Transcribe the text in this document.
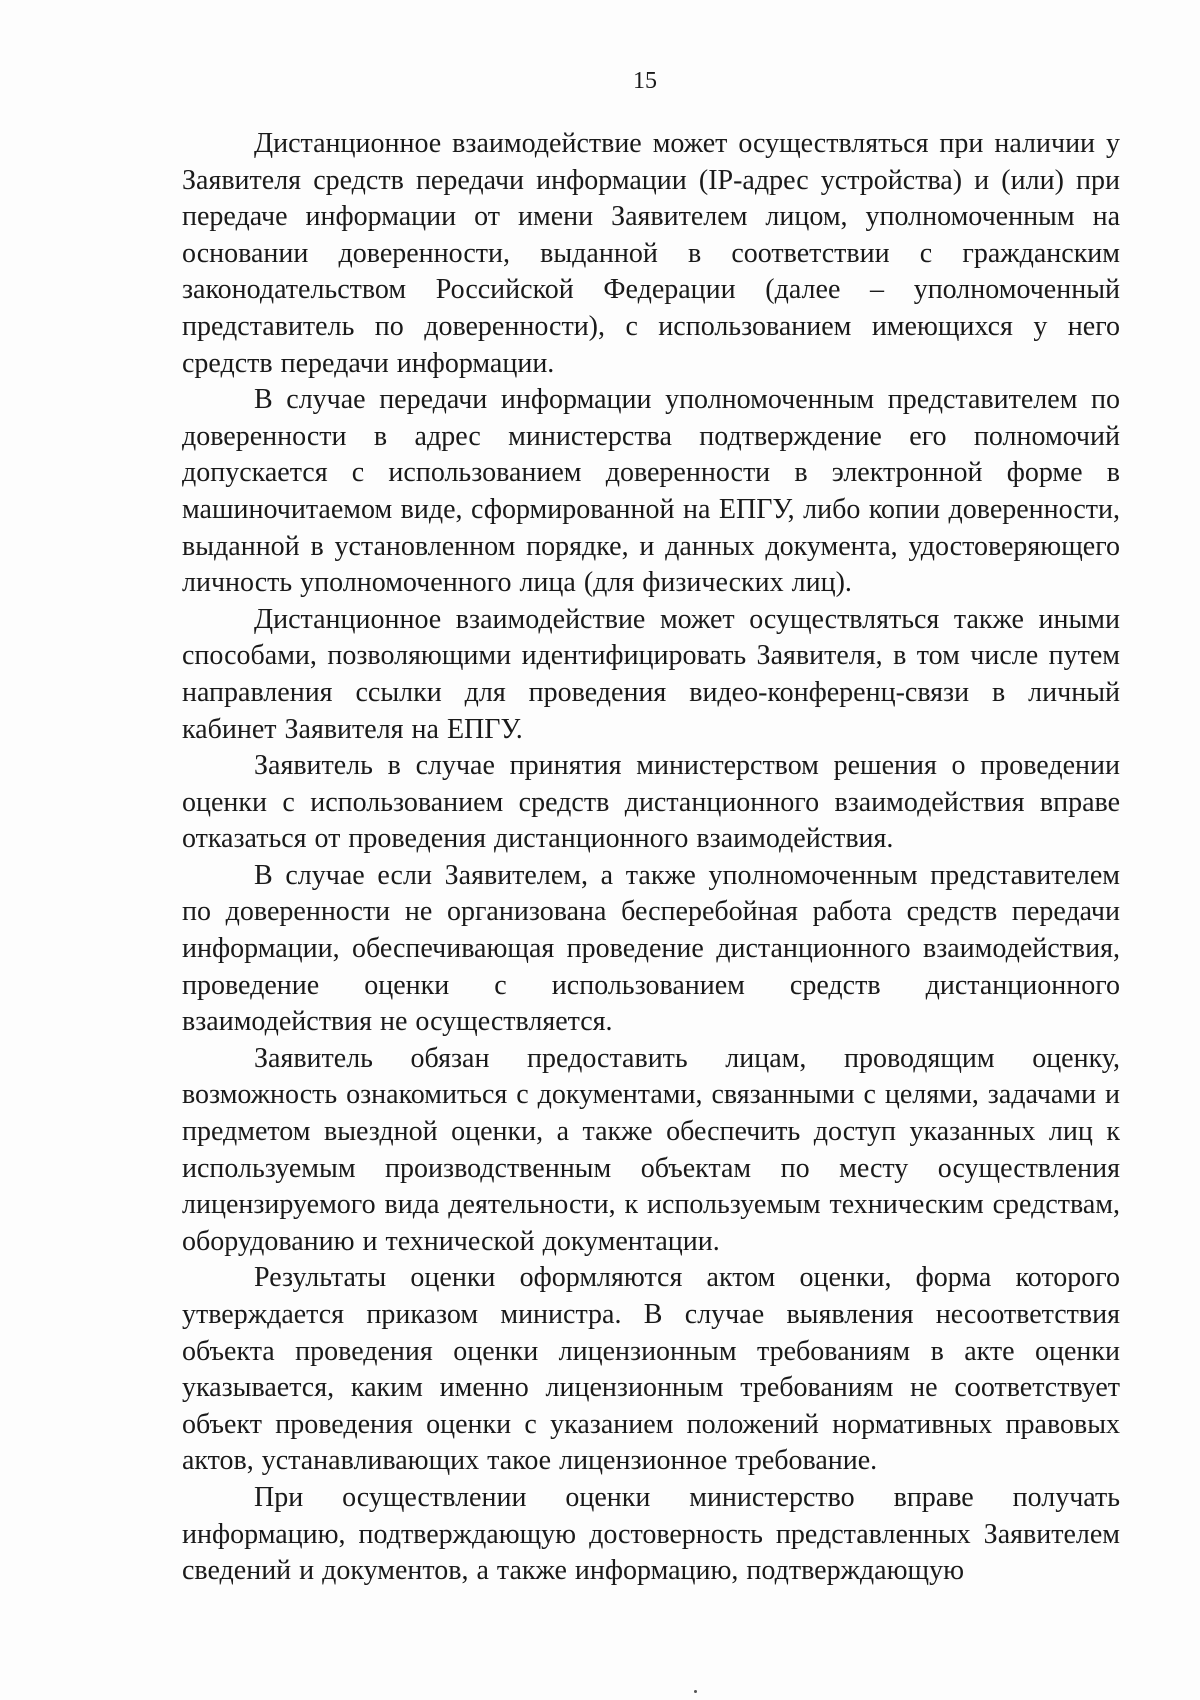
15

Дистанционное взаимодействие может осуществляться при наличии у Заявителя средств передачи информации (IP-адрес устройства) и (или) при передаче информации от имени Заявителем лицом, уполномоченным на основании доверенности, выданной в соответствии с гражданским законодательством Российской Федерации (далее – уполномоченный представитель по доверенности), с использованием имеющихся у него средств передачи информации.

В случае передачи информации уполномоченным представителем по доверенности в адрес министерства подтверждение его полномочий допускается с использованием доверенности в электронной форме в машиночитаемом виде, сформированной на ЕПГУ, либо копии доверенности, выданной в установленном порядке, и данных документа, удостоверяющего личность уполномоченного лица (для физических лиц).

Дистанционное взаимодействие может осуществляться также иными способами, позволяющими идентифицировать Заявителя, в том числе путем направления ссылки для проведения видео-конференц-связи в личный кабинет Заявителя на ЕПГУ.

Заявитель в случае принятия министерством решения о проведении оценки с использованием средств дистанционного взаимодействия вправе отказаться от проведения дистанционного взаимодействия.

В случае если Заявителем, а также уполномоченным представителем по доверенности не организована бесперебойная работа средств передачи информации, обеспечивающая проведение дистанционного взаимодействия, проведение оценки с использованием средств дистанционного взаимодействия не осуществляется.

Заявитель обязан предоставить лицам, проводящим оценку, возможность ознакомиться с документами, связанными с целями, задачами и предметом выездной оценки, а также обеспечить доступ указанных лиц к используемым производственным объектам по месту осуществления лицензируемого вида деятельности, к используемым техническим средствам, оборудованию и технической документации.

Результаты оценки оформляются актом оценки, форма которого утверждается приказом министра. В случае выявления несоответствия объекта проведения оценки лицензионным требованиям в акте оценки указывается, каким именно лицензионным требованиям не соответствует объект проведения оценки с указанием положений нормативных правовых актов, устанавливающих такое лицензионное требование.

При осуществлении оценки министерство вправе получать информацию, подтверждающую достоверность представленных Заявителем сведений и документов, а также информацию, подтверждающую
